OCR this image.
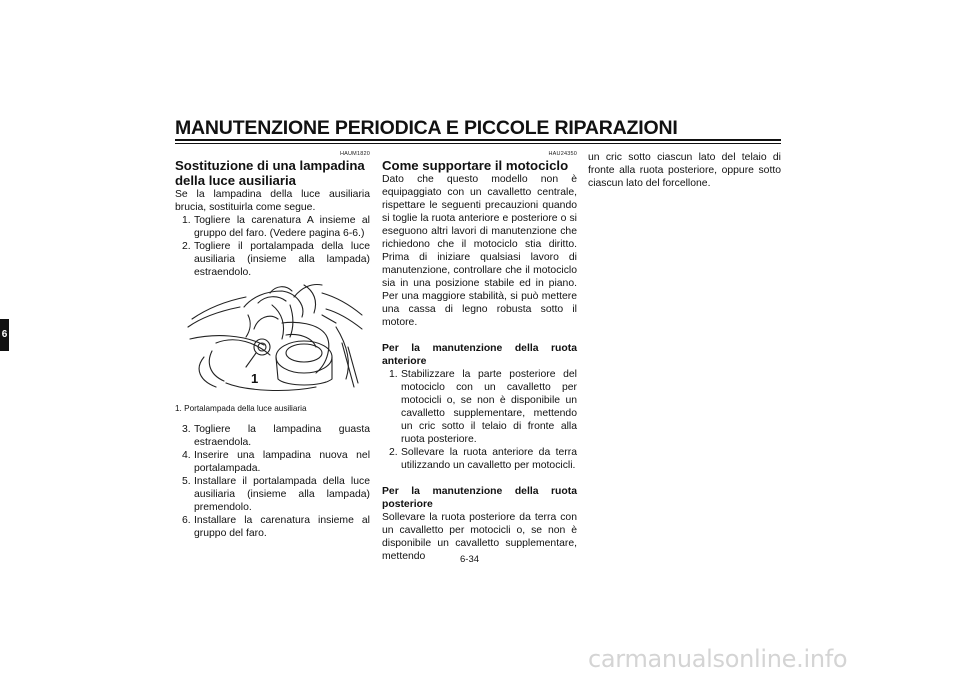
MANUTENZIONE PERIODICA E PICCOLE RIPARAZIONI
6
HAUM1820
Sostituzione di una lampadina
della luce ausiliaria

Se la lampadina della luce ausiliaria brucia, sostituirla come segue.

1. Togliere la carenatura A insieme al gruppo del faro. (Vedere pagina 6-6.)
2. Togliere il portalampada della luce ausiliaria (insieme alla lampada) estraendolo.
1

1. Portalampada della luce ausiliaria

3. Togliere la lampadina guasta estraendola.
4. Inserire una lampadina nuova nel portalampada.
5. Installare il portalampada della luce ausiliaria (insieme alla lampada) premendolo.
6. Installare la carenatura insieme al gruppo del faro.
HAU24350
Come supportare il motociclo

Dato che questo modello non è equipaggiato con un cavalletto centrale, rispettare le seguenti precauzioni quando si toglie la ruota anteriore e posteriore o si eseguono altri lavori di manutenzione che richiedono che il motociclo stia diritto. Prima di iniziare qualsiasi lavoro di manutenzione, controllare che il motociclo sia in una posizione stabile ed in piano. Per una maggiore stabilità, si può mettere una cassa di legno robusta sotto il motore.

Per la manutenzione della ruota anteriore

1. Stabilizzare la parte posteriore del motociclo con un cavalletto per motocicli o, se non è disponibile un cavalletto supplementare, mettendo un cric sotto il telaio di fronte alla ruota posteriore.
2. Sollevare la ruota anteriore da terra utilizzando un cavalletto per motocicli.

Per la manutenzione della ruota posteriore

Sollevare la ruota posteriore da terra con un cavalletto per motocicli o, se non è disponibile un cavalletto supplementare, mettendo

un cric sotto ciascun lato del telaio di fronte alla ruota posteriore, oppure sotto ciascun lato del forcellone.

6-34
carmanualsonline.info
